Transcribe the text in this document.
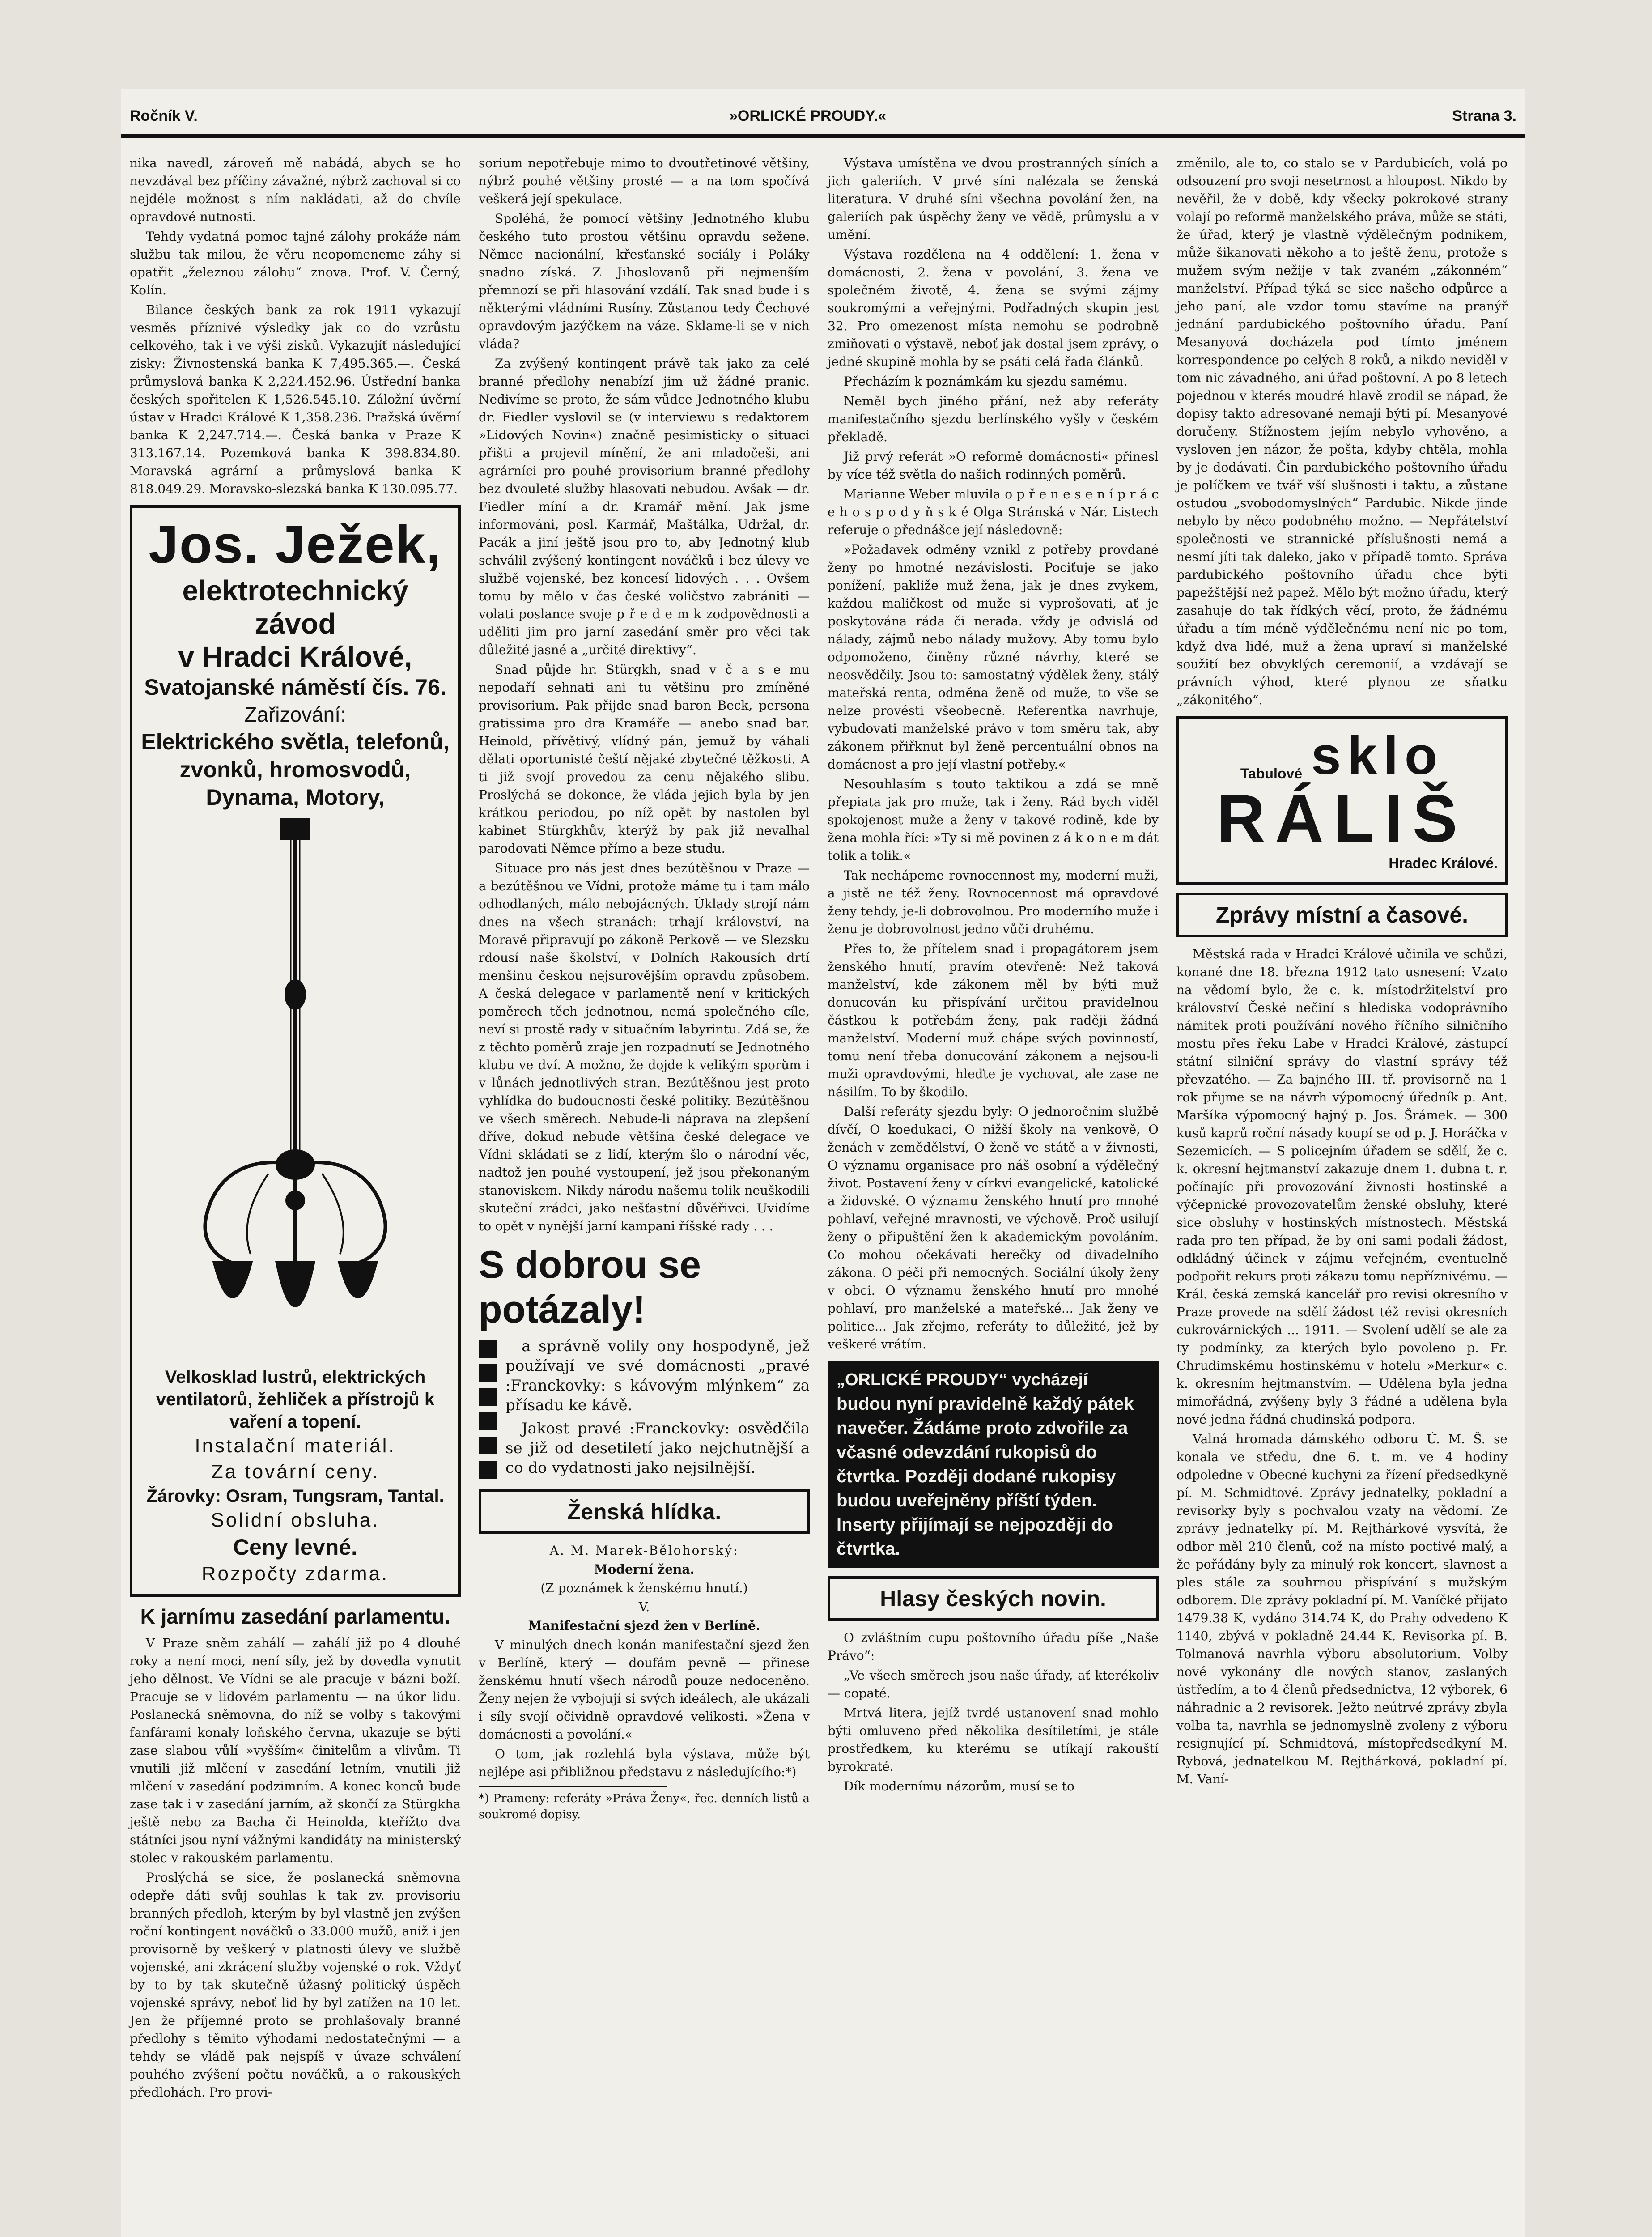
Ročník V.	»ORLICKÉ PROUDY.«	Strana 3.

nika navedl, zároveň mě nabádá, abych se ho nevzdával bez příčiny závažné, nýbrž zachoval si co nejdéle možnost s ním nakládati, až do chvíle opravdové nutnosti.

Tehdy vydatná pomoc tajné zálohy prokáže nám službu tak milou, že věru neopomeneme záhy si opatřit „železnou zálohu“ znova. Prof. V. Černý, Kolín.

Bilance českých bank za rok 1911 vykazují vesměs příznivé výsledky jak co do vzrůstu celkového, tak i ve výši zisků. Vykazujíť následující zisky: Živnostenská banka K 7,495.365.—. Česká průmyslová banka K 2,224.452.96. Ústřední banka českých spořitelen K 1,526.545.10. Záložní úvěrní ústav v Hradci Králové K 1,358.236. Pražská úvěrní banka K 2,247.714.—. Česká banka v Praze K 313.167.14. Pozemková banka K 398.834.80. Moravská agrární a průmyslová banka K 818.049.29. Moravsko-slezská banka K 130.095.77.

Jos. Ježek,
elektrotechnický závod
v Hradci Králové,
Svatojanské náměstí čís. 76.
Zařizování:
Elektrického světla, telefonů, zvonků, hromosvodů, Dynama, Motory,
Velkosklad lustrů, elektrických ventilatorů, žehliček a přístrojů k vaření a topení.
Instalační materiál.
Za tovární ceny.
Žárovky: Osram, Tungsram, Tantal.
Solidní obsluha.
Ceny levné.
Rozpočty zdarma.
K jarnímu zasedání parlamentu.

V Praze sněm zahálí — zahálí již po 4 dlouhé roky a není moci, není síly, jež by dovedla vynutit jeho dělnost. Ve Vídni se ale pracuje v bázni boží. Pracuje se v lidovém parlamentu — na úkor lidu. Poslanecká sněmovna, do níž se volby s takovými fanfárami konaly loňského června, ukazuje se býti zase slabou vůlí »vyšším« činitelům a vlivům. Ti vnutili již mlčení v zasedání letním, vnutili již mlčení v zasedání podzimním. A konec konců bude zase tak i v zasedání jarním, až skončí za Stürgkha ještě nebo za Bacha či Heinolda, kteřížto dva státníci jsou nyní vážnými kandidáty na ministerský stolec v rakouském parlamentu.

Proslýchá se sice, že poslanecká sněmovna odepře dáti svůj souhlas k tak zv. provisoriu branných předloh, kterým by byl vlastně jen zvýšen roční kontingent nováčků o 33.000 mužů, aniž i jen provisorně by veškerý v platnosti úlevy ve službě vojenské, ani zkrácení služby vojenské o rok. Vždyť by to by tak skutečně úžasný politický úspěch vojenské správy, neboť lid by byl zatížen na 10 let. Jen že příjemné proto se prohlašovaly branné předlohy s těmito výhodami nedostatečnými — a tehdy se vládě pak nejspíš v úvaze schválení pouhého zvýšení počtu nováčků, a o rakouských předlohách. Pro provi-

sorium nepotřebuje mimo to dvoutřetinové většiny, nýbrž pouhé většiny prosté — a na tom spočívá veškerá její spekulace.

Spoléhá, že pomocí většiny Jednotného klubu českého tuto prostou většinu opravdu sežene. Němce nacionální, křesťanské sociály i Poláky snadno získá. Z Jihoslovanů při nejmenším přemnozí se při hlasování vzdálí. Tak snad bude i s některými vládními Rusíny. Zůstanou tedy Čechové opravdovým jazýčkem na váze. Sklame-li se v nich vláda?

Za zvýšený kontingent právě tak jako za celé branné předlohy nenabízí jim už žádné pranic. Nedivíme se proto, že sám vůdce Jednotného klubu dr. Fiedler vyslovil se (v interviewu s redaktorem »Lidových Novin«) značně pesimisticky o situaci přišti a projevil mínění, že ani mladočeši, ani agrárníci pro pouhé provisorium branné předlohy bez dvouleté služby hlasovati nebudou. Avšak — dr. Fiedler míní a dr. Kramář mění. Jak jsme informováni, posl. Karmář, Maštálka, Udržal, dr. Pacák a jiní ještě jsou pro to, aby Jednotný klub schválil zvýšený kontingent nováčků i bez úlevy ve službě vojenské, bez koncesí lidových . . . Ovšem tomu by mělo v čas české voličstvo zabrániti — volati poslance svoje p ř e d e m k zodpovědnosti a uděliti jim pro jarní zasedání směr pro věci tak důležité jasné a „určité direktivy“.

Snad půjde hr. Stürgkh, snad v č a s e mu nepodaří sehnati ani tu většinu pro zmíněné provisorium. Pak přijde snad baron Beck, persona gratissima pro dra Kramáře — anebo snad bar. Heinold, přívětivý, vlídný pán, jemuž by váhali dělati oportunisté čeští nějaké zbytečné těžkosti. A ti již svojí provedou za cenu nějakého slibu. Proslýchá se dokonce, že vláda jejich byla by jen krátkou periodou, po níž opět by nastolen byl kabinet Stürgkhův, kterýž by pak již nevalhal parodovati Němce přímo a beze studu.

Situace pro nás jest dnes bezútěšnou v Praze — a bezútěšnou ve Vídni, protože máme tu i tam málo odhodlaných, málo nebojácných. Úklady strojí nám dnes na všech stranách: trhají království, na Moravě připravují po zákoně Perkově — ve Slezsku rdousí naše školství, v Dolních Rakousích drtí menšinu českou nejsurovějším opravdu způsobem. A česká delegace v parlamentě není v kritických poměrech těch jednotnou, nemá společného cíle, neví si prostě rady v situačním labyrintu. Zdá se, že z těchto poměrů zraje jen rozpadnutí se Jednotného klubu ve dví. A možno, že dojde k velikým sporům i v lůnách jednotlivých stran. Bezútěšnou jest proto vyhlídka do budoucnosti české politiky. Bezútěšnou ve všech směrech. Nebude-li náprava na zlepšení dříve, dokud nebude většina české delegace ve Vídni skládati se z lidí, kterým šlo o národní věc, nadtož jen pouhé vystoupení, jež jsou překonaným stanoviskem. Nikdy národu našemu tolik neuškodili skuteční zrádci, jako nešťastní důvěřivci. Uvidíme to opět v nynější jarní kampani říšské rady . . .

S dobrou se potázaly!

a správně volily ony hospodyně, jež používají ve své domácnosti „pravé :Franckovky: s kávovým mlýnkem“ za přísadu ke kávě.

Jakost pravé :Franckovky: osvědčila se již od desetiletí jako nejchutnější a co do vydatnosti jako nejsilnější.

Ženská hlídka.
A. M. Marek-Bělohorský:
Moderní žena.
(Z poznámek k ženskému hnutí.)
V.
Manifestační sjezd žen v Berlíně.

V minulých dnech konán manifestační sjezd žen v Berlíně, který — doufám pevně — přinese ženskému hnutí všech národů pouze nedoceněno. Ženy nejen že vybojují si svých ideálech, ale ukázali i síly svojí očividně opravdové velikosti. »Žena v domácnosti a povolání.«

O tom, jak rozlehlá byla výstava, může být nejlépe asi přibližnou představu z následujícího:*)

*) Prameny: referáty »Práva Ženy«, řec. denních listů a soukromé dopisy.

Výstava umístěna ve dvou prostranných síních a jich galeriích. V prvé síni nalézala se ženská literatura. V druhé síni všechna povolání žen, na galeriích pak úspěchy ženy ve vědě, průmyslu a v umění.

Výstava rozdělena na 4 oddělení: 1. žena v domácnosti, 2. žena v povolání, 3. žena ve společném životě, 4. žena se svými zájmy soukromými a veřejnými. Podřadných skupin jest 32. Pro omezenost místa nemohu se podrobně zmiňovati o výstavě, neboť jak dostal jsem zprávy, o jedné skupině mohla by se psáti celá řada článků.

Přecházím k poznámkám ku sjezdu samému.

Neměl bych jiného přání, než aby referáty manifestačního sjezdu berlínského vyšly v českém překladě.

Již prvý referát »O reformě domácnosti« přinesl by více též světla do našich rodinných poměrů.

Marianne Weber mluvila o p ř e n e s e n í p r á c e h o s p o d y ň s k é Olga Stránská v Nár. Listech referuje o přednášce její následovně:

»Požadavek odměny vznikl z potřeby provdané ženy po hmotné nezávislosti. Pociťuje se jako ponížení, pakliže muž žena, jak je dnes zvykem, každou maličkost od muže si vyprošovati, ať je poskytována ráda či nerada. vždy je odvislá od nálady, zájmů nebo nálady mužovy. Aby tomu bylo odpomoženo, činěny různé návrhy, které se neosvědčily. Jsou to: samostatný výdělek ženy, stálý mateřská renta, odměna ženě od muže, to vše se nelze provésti všeobecně. Referentka navrhuje, vybudovati manželské právo v tom směru tak, aby zákonem přiřknut byl ženě percentuální obnos na domácnost a pro její vlastní potřeby.«

Nesouhlasím s touto taktikou a zdá se mně přepiata jak pro muže, tak i ženy. Rád bych viděl spokojenost muže a ženy v takové rodině, kde by žena mohla říci: »Ty si mě povinen z á k o n e m dát tolik a tolik.«

Tak nechápeme rovnocennost my, moderní muži, a jistě ne též ženy. Rovnocennost má opravdové ženy tehdy, je-li dobrovolnou. Pro moderního muže i ženu je dobrovolnost jedno vůči druhému.

Přes to, že přítelem snad i propagátorem jsem ženského hnutí, pravím otevřeně: Než taková manželství, kde zákonem měl by býti muž donucován ku přispívání určitou pravidelnou částkou k potřebám ženy, pak raději žádná manželství. Moderní muž chápe svých povinností, tomu není třeba donucování zákonem a nejsou-li muži opravdovými, hleďte je vychovat, ale zase ne násilím. To by škodilo.

Další referáty sjezdu byly: O jednoročním službě dívčí, O koedukaci, O nižší školy na venkově, O ženách v zemědělství, O ženě ve státě a v živnosti, O významu organisace pro náš osobní a výdělečný život. Postavení ženy v církvi evangelické, katolické a židovské. O významu ženského hnutí pro mnohé pohlaví, veřejné mravnosti, ve výchově. Proč usilují ženy o připuštění žen k akademickým povoláním. Co mohou očekávati herečky od divadelního zákona. O péči při nemocných. Sociální úkoly ženy v obci. O významu ženského hnutí pro mnohé pohlaví, pro manželské a mateřské... Jak ženy ve politice... Jak zřejmo, referáty to důležité, jež by veškeré vrátím.

„ORLICKÉ PROUDY“ vycházejí
budou nyní pravidelně každý pátek navečer. Žádáme proto zdvořile za včasné odevzdání rukopisů do čtvrtka. Později dodané rukopisy budou uveřejněny příští týden. Inserty přijímají se nejpozději do čtvrtka.
Hlasy českých novin.

O zvláštním cupu poštovního úřadu píše „Naše Právo“:

„Ve všech směrech jsou naše úřady, ať kterékoliv — copaté.

Mrtvá litera, jejíž tvrdé ustanovení snad mohlo býti omluveno před několika desítiletími, je stále prostředkem, ku kterému se utíkají rakouští byrokraté.

Dík modernímu názorům, musí se to

změnilo, ale to, co stalo se v Pardubicích, volá po odsouzení pro svoji nesetrnost a hloupost. Nikdo by nevěřil, že v době, kdy všecky pokrokové strany volají po reformě manželského práva, může se státi, že úřad, který je vlastně výdělečným podnikem, může šikanovati někoho a to ještě ženu, protože s mužem svým nežije v tak zvaném „zákonném“ manželství. Případ týká se sice našeho odpůrce a jeho paní, ale vzdor tomu stavíme na pranýř jednání pardubického poštovního úřadu. Paní Mesanyová docházela pod tímto jménem korrespondence po celých 8 roků, a nikdo neviděl v tom nic závadného, ani úřad poštovní. A po 8 letech pojednou v kterés moudré hlavě zrodil se nápad, že dopisy takto adresované nemají býti pí. Mesanyové doručeny. Stížnostem jejím nebylo vyhověno, a vysloven jen názor, že pošta, kdyby chtěla, mohla by je dodávati. Čin pardubického poštovního úřadu je políčkem ve tvář vší slušnosti i taktu, a zůstane ostudou „svobodomyslných“ Pardubic. Nikde jinde nebylo by něco podobného možno. — Nepřátelství společnosti ve strannické příslušnosti nemá a nesmí jíti tak daleko, jako v případě tomto. Správa pardubického poštovního úřadu chce býti papežštější než papež. Mělo být možno úřadu, který zasahuje do tak řídkých věcí, proto, že žádnému úřadu a tím méně výdělečnému není nic po tom, když dva lidé, muž a žena upraví si manželské soužití bez obvyklých ceremonií, a vzdávají se právních výhod, které plynou ze sňatku „zákonitého“.

Tabulové sklo
RÁLIŠ
Hradec Králové.
Zprávy místní a časové.

Městská rada v Hradci Králové učinila ve schůzi, konané dne 18. března 1912 tato usnesení: Vzato na vědomí bylo, že c. k. místodržitelství pro království České nečiní s hlediska vodoprávního námitek proti používání nového říčního silničního mostu přes řeku Labe v Hradci Králové, zástupcí státní silniční správy do vlastní správy též převzatého. — Za bajného III. tř. provisorně na 1 rok přijme se na návrh výpomocný úředník p. Ant. Maršíka výpomocný hajný p. Jos. Šrámek. — 300 kusů kaprů roční násady koupí se od p. J. Horáčka v Sezemicích. — S policejním úřadem se sdělí, že c. k. okresní hejtmanství zakazuje dnem 1. dubna t. r. počínajíc při provozování živnosti hostinské a výčepnické provozovatelům ženské obsluhy, které sice obsluhy v hostinských místnostech. Městská rada pro ten případ, že by oni sami podali žádost, odkládný účinek v zájmu veřejném, eventuelně podpořit rekurs proti zákazu tomu nepříznivému. — Král. česká zemská kancelář pro revisi okresního v Praze provede na sdělí žádost též revisi okresních cukrovárnických ... 1911. — Svolení udělí se ale za ty podmínky, za kterých bylo povoleno p. Fr. Chrudimskému hostinskému v hotelu »Merkur« c. k. okresním hejtmanstvím. — Udělena byla jedna mimořádná, zvýšeny byly 3 řádné a udělena byla nové jedna řádná chudinská podpora.

Valná hromada dámského odboru Ú. M. Š. se konala ve středu, dne 6. t. m. ve 4 hodiny odpoledne v Obecné kuchyni za řízení předsedkyně pí. M. Schmidtové. Zprávy jednatelky, pokladní a revisorky byly s pochvalou vzaty na vědomí. Ze zprávy jednatelky pí. M. Rejthárkové vysvítá, že odbor měl 210 členů, což na místo poctivé malý, a že pořádány byly za minulý rok koncert, slavnost a ples stále za souhrnou přispívání s mužským odborem. Dle zprávy pokladní pí. M. Vaníčké přijato 1479.38 K, vydáno 314.74 K, do Prahy odvedeno K 1140, zbývá v pokladně 24.44 K. Revisorka pí. B. Tolmanová navrhla výboru absolutorium. Volby nové vykonány dle nových stanov, zaslaných ústředím, a to 4 členů předsednictva, 12 výborek, 6 náhradnic a 2 revisorek. Ježto neútrvé zprávy zbyla volba ta, navrhla se jednomyslně zvoleny z výboru resignující pí. Schmidtová, místopředsedkyní M. Rybová, jednatelkou M. Rejthárková, pokladní pí. M. Vaní-
